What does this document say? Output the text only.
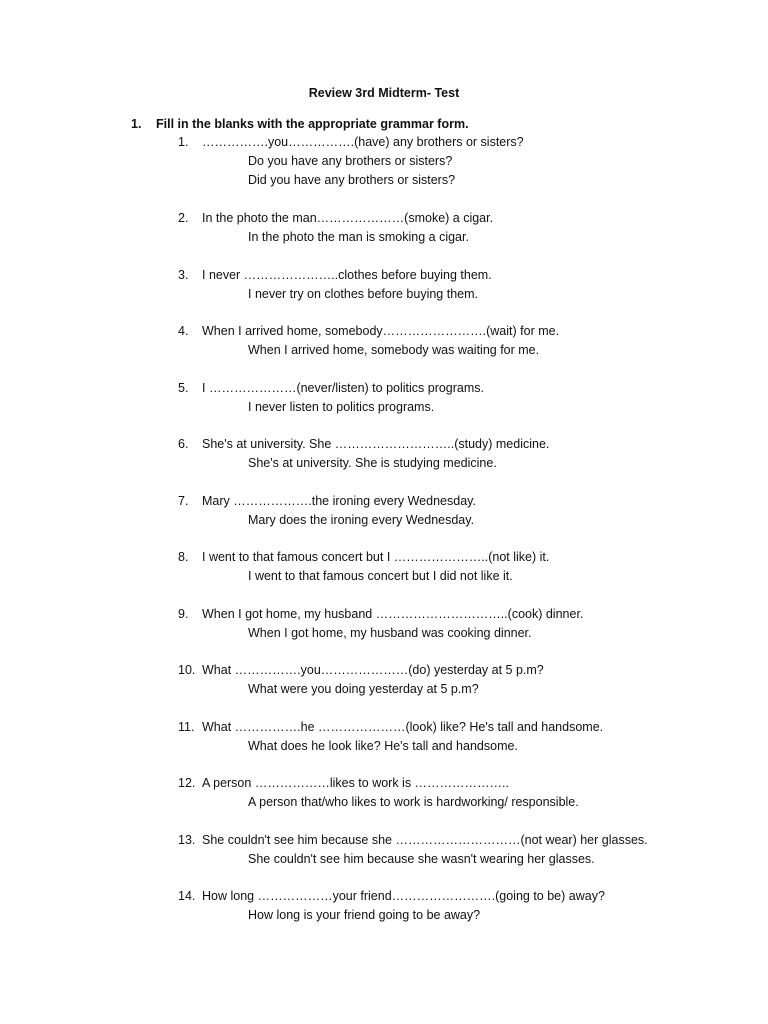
Review 3rd Midterm- Test
1. Fill in the blanks with the appropriate grammar form.
1. …………….you…………….(have) any brothers or sisters?
Do you have any brothers or sisters?
Did you have any brothers or sisters?
2. In the photo the man…………………(smoke) a cigar.
In the photo the man is smoking a cigar.
3. I never …………………..clothes before buying them.
I never try on clothes before buying them.
4. When I arrived home, somebody…………………….(wait) for me.
When I arrived home, somebody was waiting for me.
5. I …………………(never/listen) to politics programs.
I never listen to politics programs.
6. She's at university. She ………………………..(study) medicine.
She's at university. She is studying medicine.
7. Mary ……………….the ironing every Wednesday.
Mary does the ironing every Wednesday.
8. I went to that famous concert but I …………………..(not like) it.
I went to that famous concert but I did not like it.
9. When I got home, my husband …………………………..(cook) dinner.
When I got home, my husband was cooking dinner.
10. What …………….you…………………(do) yesterday at 5 p.m?
What were you doing yesterday at 5 p.m?
11. What …………….he …………………(look) like? He's tall and handsome.
What does he look like? He's tall and handsome.
12. A person ………………likes to work is …………………..
A person that/who likes to work is hardworking/ responsible.
13. She couldn't see him because she …………………………(not wear) her glasses.
She couldn't see him because she wasn't wearing her glasses.
14. How long ………………your friend…………………….(going to be) away?
How long is your friend going to be away?
